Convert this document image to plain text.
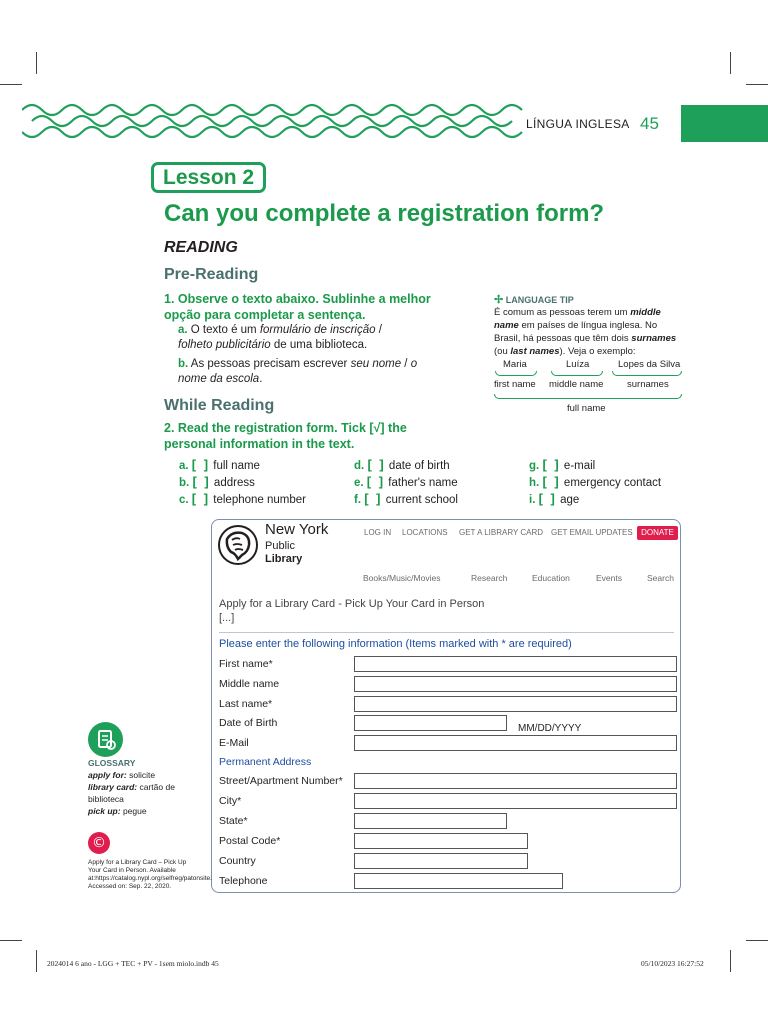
LÍNGUA INGLESA 45
Lesson 2
Can you complete a registration form?
READING
Pre-Reading
1. Observe o texto abaixo. Sublinhe a melhor opção para completar a sentença.
a. O texto é um formulário de inscrição / folheto publicitário de uma biblioteca.
b. As pessoas precisam escrever seu nome / o nome da escola.
✢ LANGUAGE TIP
É comum as pessoas terem um middle name em países de língua inglesa. No Brasil, há pessoas que têm dois surnames (ou last names). Veja o exemplo:
Maria	Luíza	Lopes da Silva
first name middle name surnames
full name
While Reading
2. Read the registration form. Tick [√] the personal information in the text.
a. [ ] full name
b. [ ] address
c. [ ] telephone number
d. [ ] date of birth
e. [ ] father's name
f. [ ] current school
g. [ ] e-mail
h. [ ] emergency contact
i. [ ] age
New York
Public
Library
LOG IN LOCATIONS GET A LIBRARY CARD GET EMAIL UPDATES	DONATE
Books/Music/Movies	Research	Education	Events	Search
Apply for a Library Card - Pick Up Your Card in Person
[...]
Please enter the following information (Items marked with * are required)
First name*
Middle name
Last name*
Date of Birth	MM/DD/YYYY
E-Mail
Permanent Address
Street/Apartment Number*
City*
State*
Postal Code*
Country
Telephone
GLOSSARY
apply for: solicite
library card: cartão de biblioteca
pick up: pegue
©
Apply for a Library Card – Pick Up Your Card in Person. Available at:https://catalog.nypl.org/selfreg/patonsite. Accessed on: Sep. 22, 2020.
2024014 6 ano - LGG + TEC + PV - 1sem miolo.indb 45	05/10/2023 16:27:52
